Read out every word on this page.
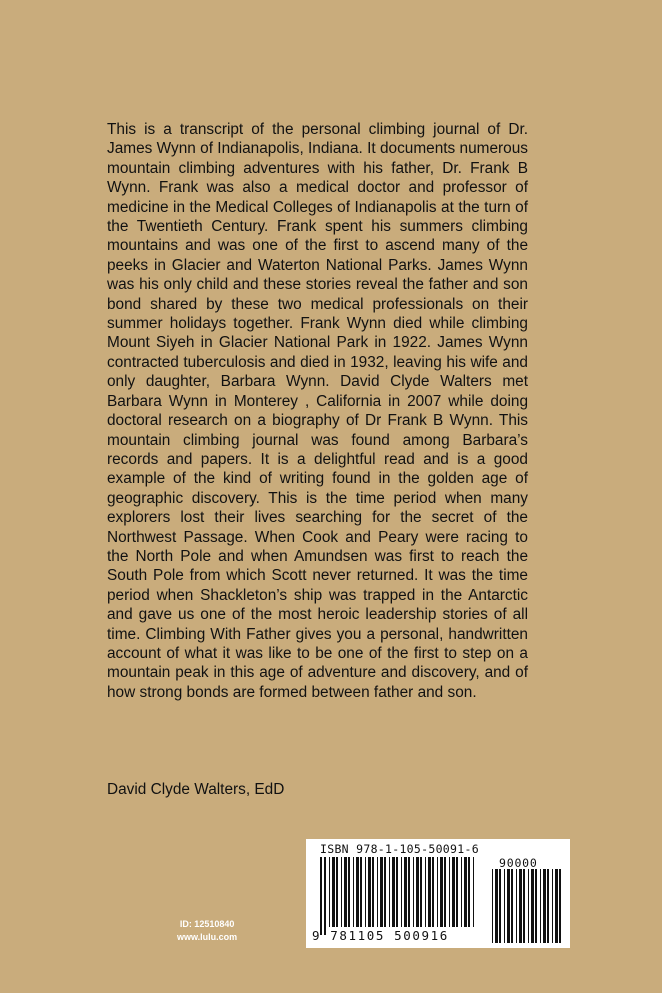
This is a transcript of the personal climbing journal of Dr. James Wynn of Indianapolis, Indiana. It documents numerous mountain climbing adventures with his father, Dr. Frank B Wynn. Frank was also a medical doctor and professor of medicine in the Medical Colleges of Indianapolis at the turn of the Twentieth Century. Frank spent his summers climbing mountains and was one of the first to ascend many of the peeks in Glacier and Waterton National Parks. James Wynn was his only child and these stories reveal the father and son bond shared by these two medical professionals on their summer holidays together. Frank Wynn died while climbing Mount Siyeh in Glacier National Park in 1922. James Wynn contracted tuberculosis and died in 1932, leaving his wife and only daughter, Barbara Wynn. David Clyde Walters met Barbara Wynn in Monterey , California in 2007 while doing doctoral research on a biography of Dr Frank B Wynn. This mountain climbing journal was found among Barbara’s records and papers. It is a delightful read and is a good example of the kind of writing found in the golden age of geographic discovery. This is the time period when many explorers lost their lives searching for the secret of the Northwest Passage. When Cook and Peary were racing to the North Pole and when Amundsen was first to reach the South Pole from which Scott never returned. It was the time period when Shackleton’s ship was trapped in the Antarctic and gave us one of the most heroic leadership stories of all time. Climbing With Father gives you a personal, handwritten account of what it was like to be one of the first to step on a mountain peak in this age of adventure and discovery, and of how strong bonds are formed between father and son.

David Clyde Walters, EdD
ID: 12510840
www.lulu.com
ISBN 978-1-105-50091-6
90000
9 781105 500916
